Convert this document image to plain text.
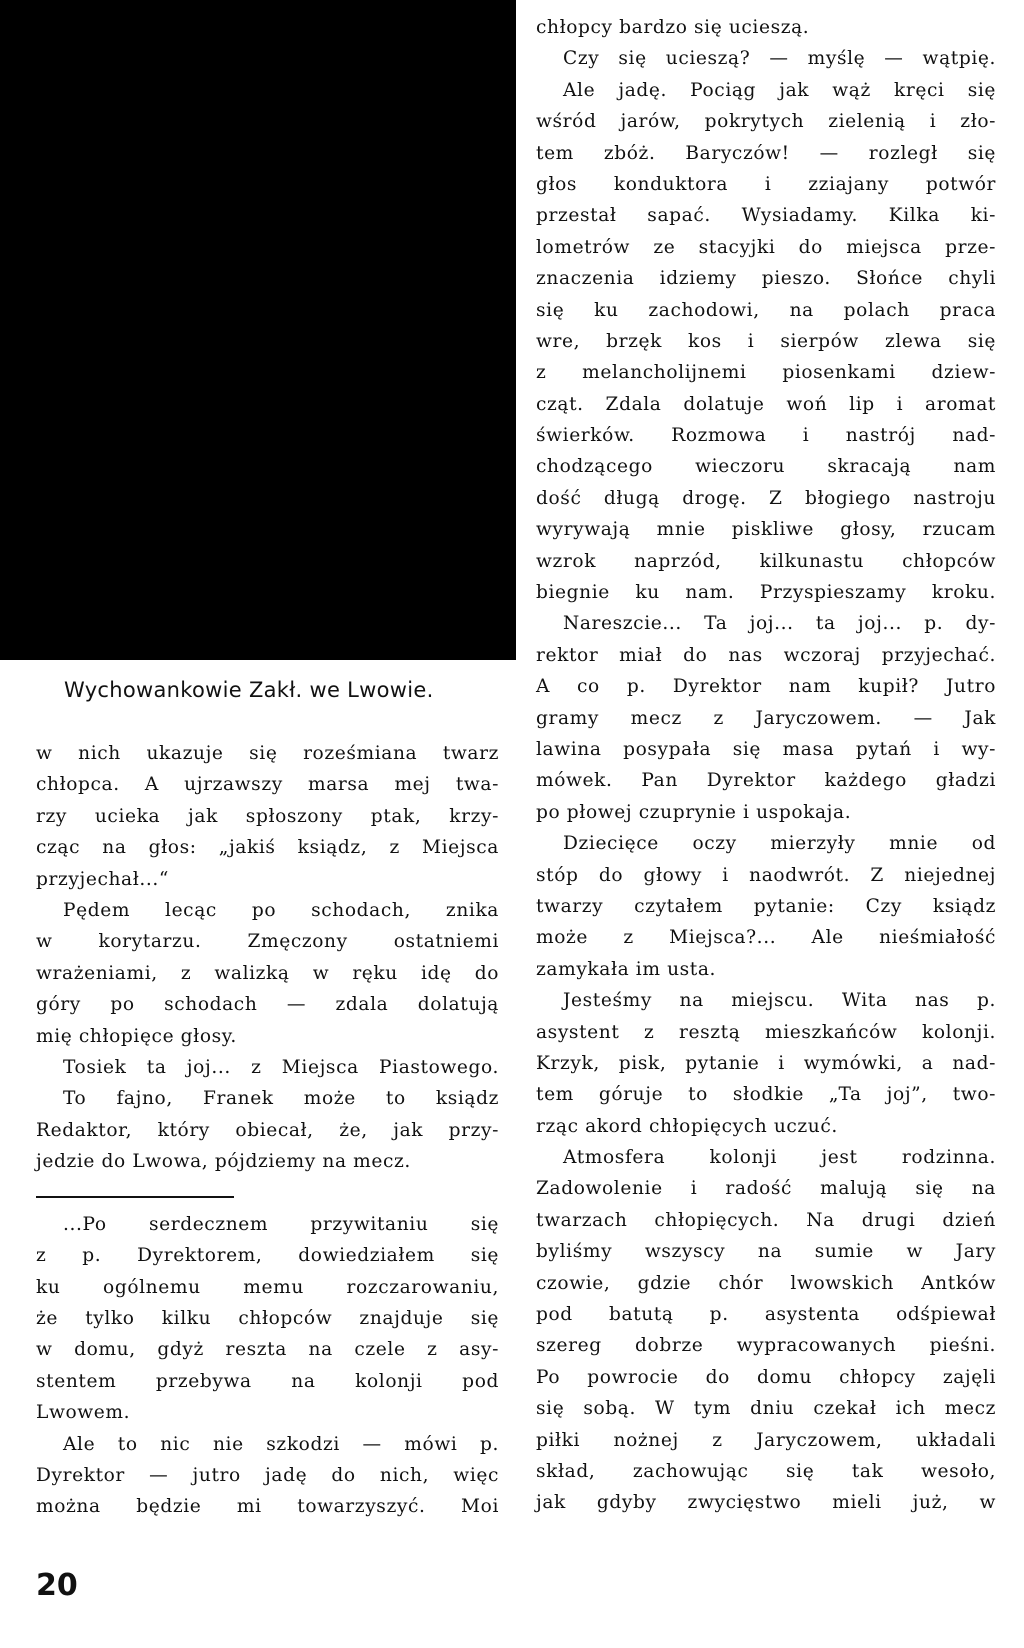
Wychowankowie Zakł. we Lwowie.
w nich ukazuje się roześmiana twarz
chłopca. A ujrzawszy marsa mej twa-
rzy ucieka jak spłoszony ptak, krzy-
cząc na głos: „jakiś ksiądz, z Miejsca
przyjechał...“
Pędem lecąc po schodach, znika
w korytarzu. Zmęczony ostatniemi
wrażeniami, z walizką w ręku idę do
góry po schodach — zdala dolatują
mię chłopięce głosy.
Tosiek ta joj... z Miejsca Piastowego.
To fajno, Franek może to ksiądz
Redaktor, który obiecał, że, jak przy-
jedzie do Lwowa, pójdziemy na mecz.
...Po serdecznem przywitaniu się
z p. Dyrektorem, dowiedziałem się
ku ogólnemu memu rozczarowaniu,
że tylko kilku chłopców znajduje się
w domu, gdyż reszta na czele z asy-
stentem przebywa na kolonji pod
Lwowem.
Ale to nic nie szkodzi — mówi p.
Dyrektor — jutro jadę do nich, więc
można będzie mi towarzyszyć. Moi
chłopcy bardzo się ucieszą.
Czy się ucieszą? — myślę — wątpię.
Ale jadę. Pociąg jak wąż kręci się
wśród jarów, pokrytych zielenią i zło-
tem zbóż. Baryczów! — rozległ się
głos konduktora i zziajany potwór
przestał sapać. Wysiadamy. Kilka ki-
lometrów ze stacyjki do miejsca prze-
znaczenia idziemy pieszo. Słońce chyli
się ku zachodowi, na polach praca
wre, brzęk kos i sierpów zlewa się
z melancholijnemi piosenkami dziew-
cząt. Zdala dolatuje woń lip i aromat
świerków. Rozmowa i nastrój nad-
chodzącego wieczoru skracają nam
dość długą drogę. Z błogiego nastroju
wyrywają mnie piskliwe głosy, rzucam
wzrok naprzód, kilkunastu chłopców
biegnie ku nam. Przyspieszamy kroku.
Nareszcie... Ta joj... ta joj... p. dy-
rektor miał do nas wczoraj przyjechać.
A co p. Dyrektor nam kupił? Jutro
gramy mecz z Jaryczowem. — Jak
lawina posypała się masa pytań i wy-
mówek. Pan Dyrektor każdego gładzi
po płowej czuprynie i uspokaja.
Dziecięce oczy mierzyły mnie od
stóp do głowy i naodwrót. Z niejednej
twarzy czytałem pytanie: Czy ksiądz
może z Miejsca?... Ale nieśmiałość
zamykała im usta.
Jesteśmy na miejscu. Wita nas p.
asystent z resztą mieszkańców kolonji.
Krzyk, pisk, pytanie i wymówki, a nad-
tem góruje to słodkie „Ta joj”, two-
rząc akord chłopięcych uczuć.
Atmosfera kolonji jest rodzinna.
Zadowolenie i radość malują się na
twarzach chłopięcych. Na drugi dzień
byliśmy wszyscy na sumie w Jary
czowie, gdzie chór lwowskich Antków
pod batutą p. asystenta odśpiewał
szereg dobrze wypracowanych pieśni.
Po powrocie do domu chłopcy zajęli
się sobą. W tym dniu czekał ich mecz
piłki nożnej z Jaryczowem, układali
skład, zachowując się tak wesoło,
jak gdyby zwycięstwo mieli już, w
20
